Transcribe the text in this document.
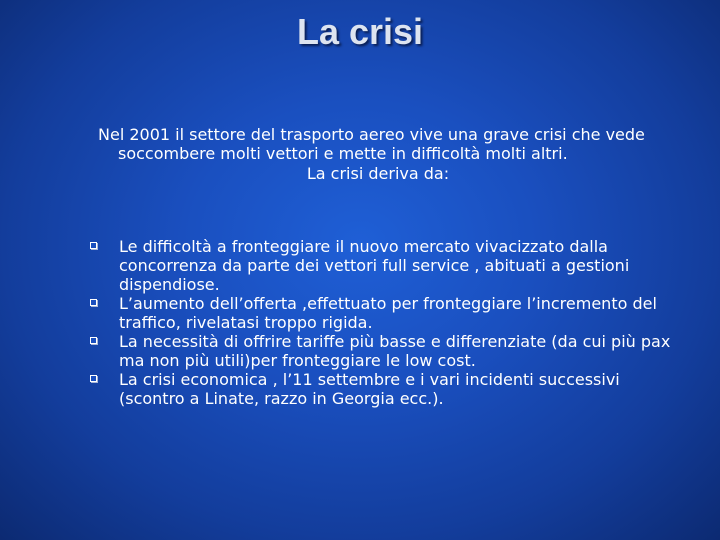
La crisi
Nel 2001 il settore del trasporto aereo vive una grave crisi che vede soccombere molti vettori e mette in difficoltà molti altri.
La crisi deriva da:
Le difficoltà a fronteggiare il nuovo mercato vivacizzato dalla concorrenza da parte dei vettori full service , abituati a gestioni dispendiose.
L’aumento dell’offerta ,effettuato per fronteggiare l’incremento del traffico, rivelatasi troppo rigida.
La necessità di offrire tariffe più basse e differenziate (da cui più pax ma non più utili)per fronteggiare le low cost.
La crisi economica , l’11 settembre e i vari incidenti successivi (scontro a Linate, razzo in Georgia ecc.).
